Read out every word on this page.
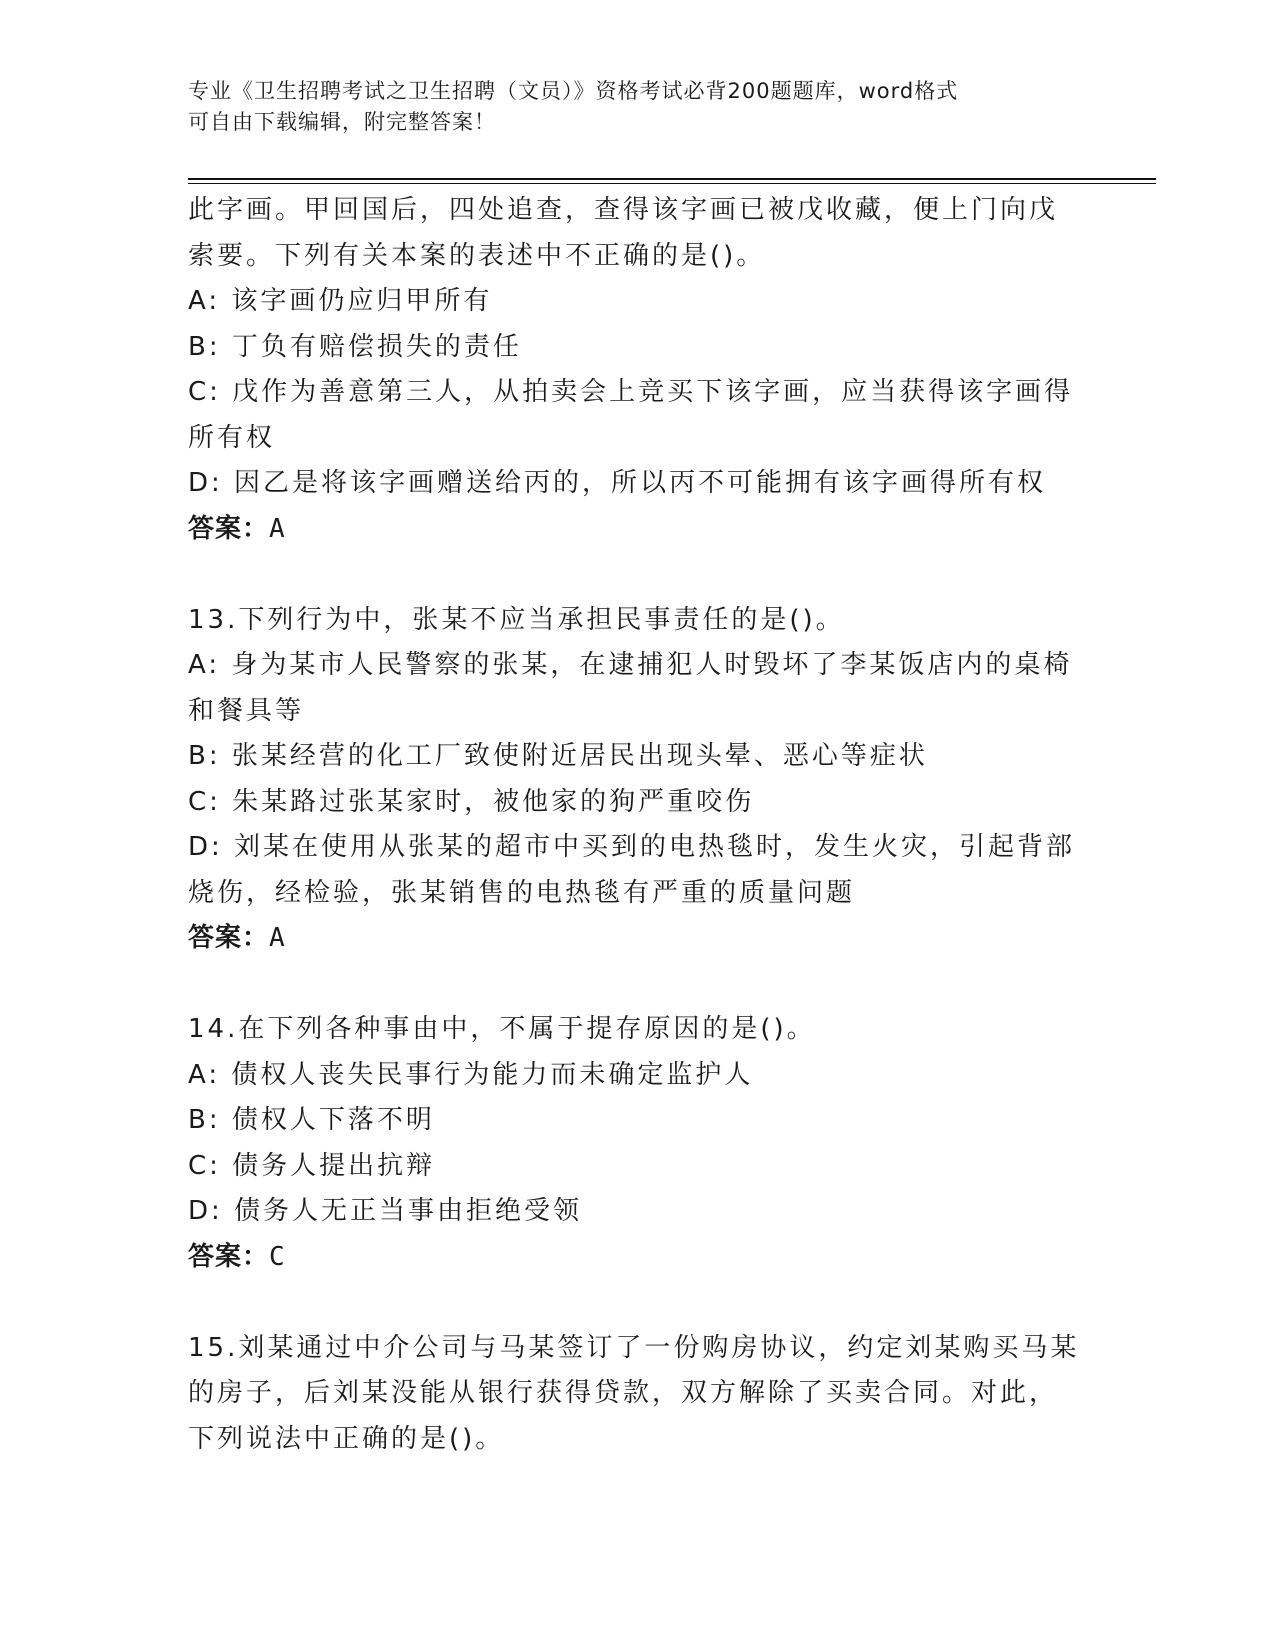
专业《卫生招聘考试之卫生招聘（文员）》资格考试必背200题题库，word格式
可自由下载编辑，附完整答案！
此字画。甲回国后，四处追查，查得该字画已被戊收藏，便上门向戊
索要。下列有关本案的表述中不正确的是()。
A: 该字画仍应归甲所有
B: 丁负有赔偿损失的责任
C: 戊作为善意第三人，从拍卖会上竞买下该字画，应当获得该字画得
所有权
D: 因乙是将该字画赠送给丙的，所以丙不可能拥有该字画得所有权
答案：A
13.下列行为中，张某不应当承担民事责任的是()。
A: 身为某市人民警察的张某，在逮捕犯人时毁坏了李某饭店内的桌椅
和餐具等
B: 张某经营的化工厂致使附近居民出现头晕、恶心等症状
C: 朱某路过张某家时，被他家的狗严重咬伤
D: 刘某在使用从张某的超市中买到的电热毯时，发生火灾，引起背部
烧伤，经检验，张某销售的电热毯有严重的质量问题
答案：A
14.在下列各种事由中，不属于提存原因的是()。
A: 债权人丧失民事行为能力而未确定监护人
B: 债权人下落不明
C: 债务人提出抗辩
D: 债务人无正当事由拒绝受领
答案：C
15.刘某通过中介公司与马某签订了一份购房协议，约定刘某购买马某
的房子，后刘某没能从银行获得贷款，双方解除了买卖合同。对此，
下列说法中正确的是()。
